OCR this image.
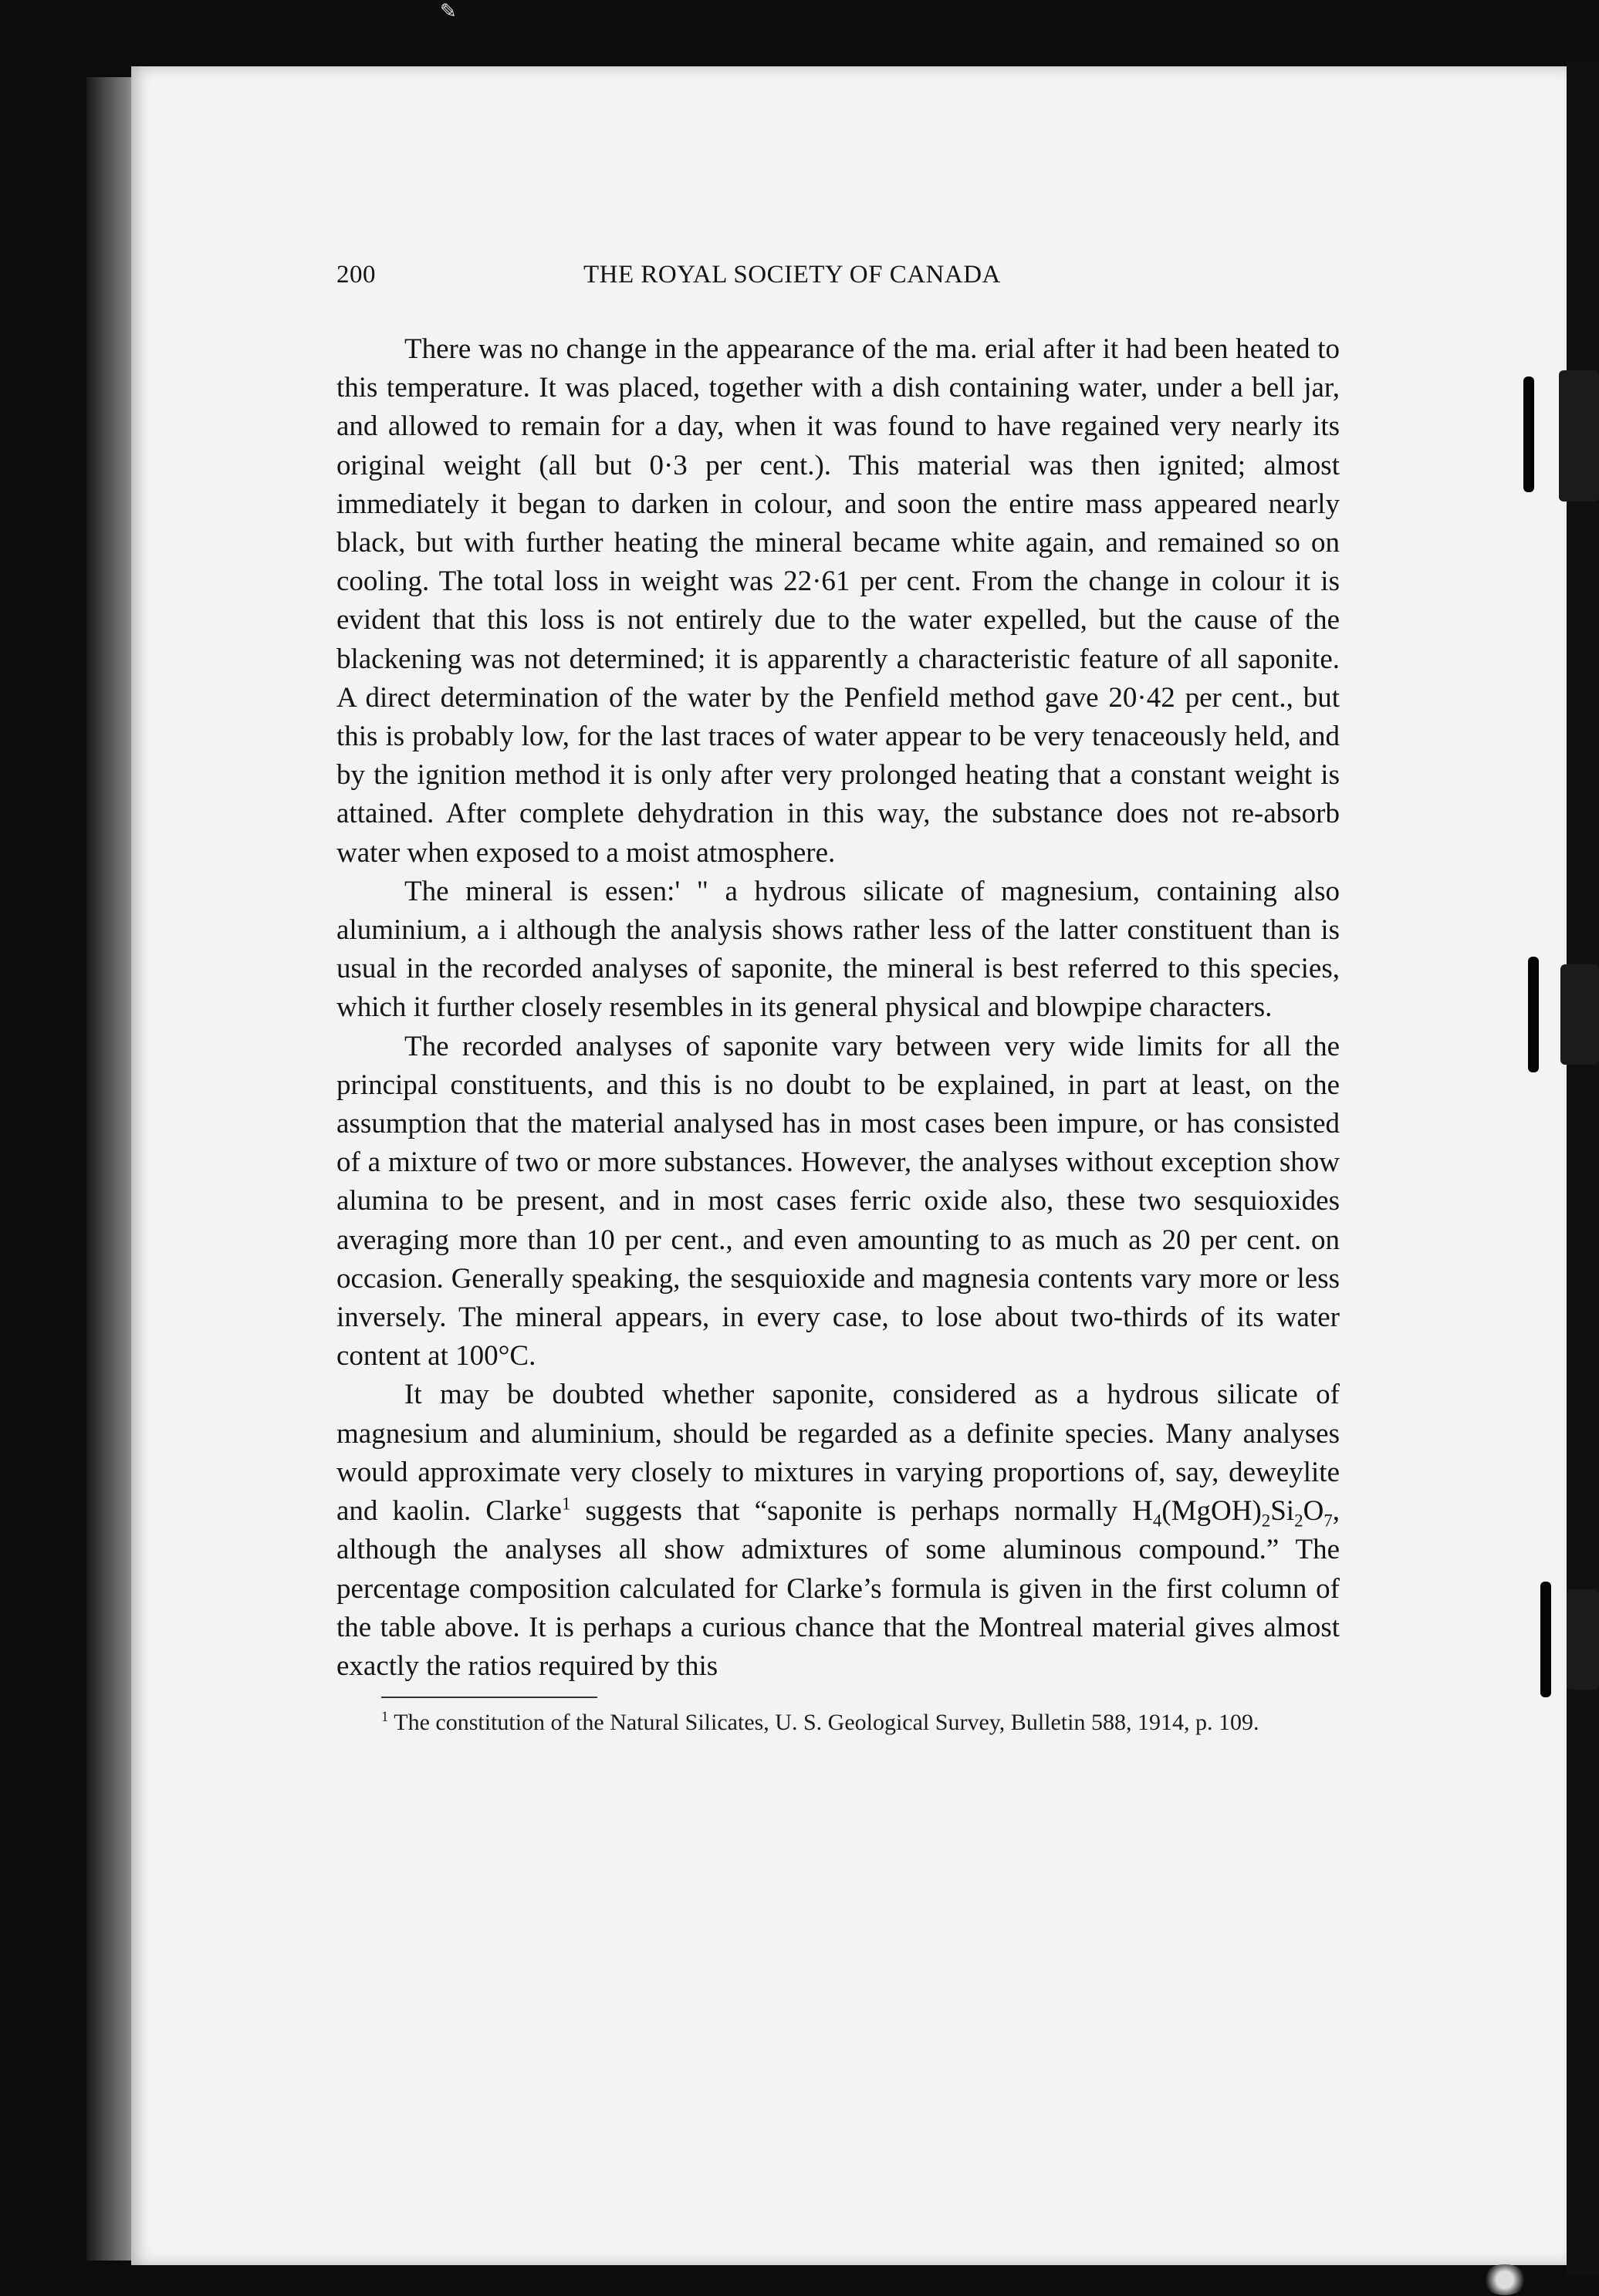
✎
200	THE ROYAL SOCIETY OF CANADA

There was no change in the appearance of the ma. erial after it had been heated to this temperature. It was placed, together with a dish containing water, under a bell jar, and allowed to remain for a day, when it was found to have regained very nearly its original weight (all but 0·3 per cent.). This material was then ignited; almost immediately it began to darken in colour, and soon the entire mass appeared nearly black, but with further heating the mineral became white again, and remained so on cooling. The total loss in weight was 22·61 per cent. From the change in colour it is evident that this loss is not entirely due to the water expelled, but the cause of the blackening was not determined; it is apparently a characteristic feature of all saponite. A direct determination of the water by the Penfield method gave 20·42 per cent., but this is probably low, for the last traces of water appear to be very tenaceously held, and by the ignition method it is only after very prolonged heating that a constant weight is attained. After complete dehydration in this way, the substance does not re-absorb water when exposed to a moist atmosphere.

The mineral is essen:' " a hydrous silicate of magnesium, containing also aluminium, a i although the analysis shows rather less of the latter constituent than is usual in the recorded analyses of saponite, the mineral is best referred to this species, which it further closely resembles in its general physical and blowpipe characters.

The recorded analyses of saponite vary between very wide limits for all the principal constituents, and this is no doubt to be explained, in part at least, on the assumption that the material analysed has in most cases been impure, or has consisted of a mixture of two or more substances. However, the analyses without exception show alumina to be present, and in most cases ferric oxide also, these two sesquioxides averaging more than 10 per cent., and even amounting to as much as 20 per cent. on occasion. Generally speaking, the sesquioxide and magnesia contents vary more or less inversely. The mineral appears, in every case, to lose about two-thirds of its water content at 100°C.

It may be doubted whether saponite, considered as a hydrous silicate of magnesium and aluminium, should be regarded as a definite species. Many analyses would approximate very closely to mixtures in varying proportions of, say, deweylite and kaolin. Clarke$^1$ suggests that “saponite is perhaps normally $H_4(MgOH)_2Si_2O_7$, although the analyses all show admixtures of some aluminous compound.” The percentage composition calculated for Clarke’s formula is given in the first column of the table above. It is perhaps a curious chance that the Montreal material gives almost exactly the ratios required by this

$^1$ The constitution of the Natural Silicates, U. S. Geological Survey, Bulletin 588, 1914, p. 109.
